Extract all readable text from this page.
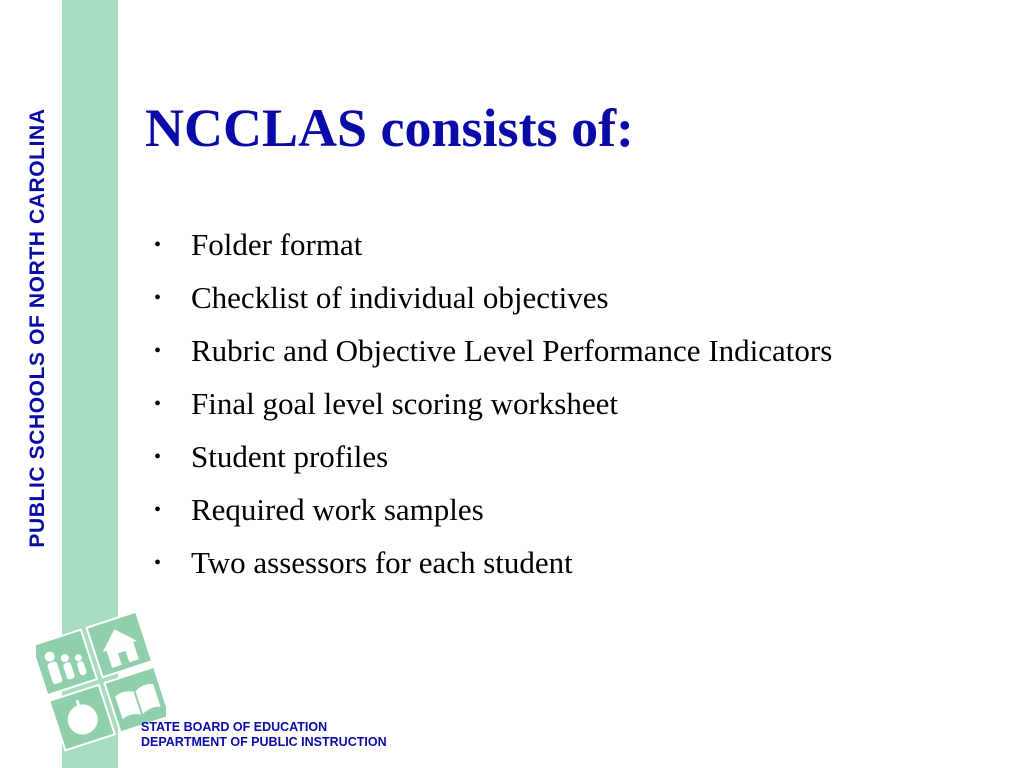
PUBLIC SCHOOLS OF NORTH CAROLINA NCCLAS consists of:
• Folder format
• Checklist of individual objectives
• Rubric and Objective Level Performance Indicators
• Final goal level scoring worksheet
• Student profiles
• Required work samples
• Two assessors for each student
STATE BOARD OF EDUCATION
DEPARTMENT OF PUBLIC INSTRUCTION
